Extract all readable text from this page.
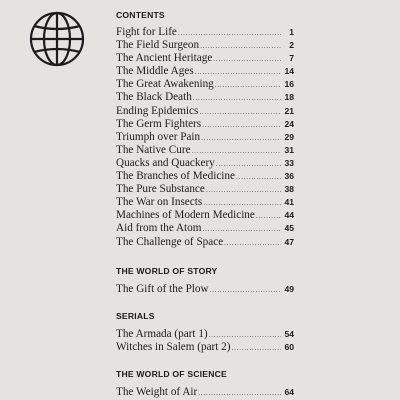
CONTENTS
Fight for Life .....	1
The Field Surgeon .....	2
The Ancient Heritage .....	7
The Middle Ages .....	14
The Great Awakening .....	16
The Black Death .....	18
Ending Epidemics .....	21
The Germ Fighters .....	24
Triumph over Pain .....	29
The Native Cure .....	31
Quacks and Quackery .....	33
The Branches of Medicine .....	36
The Pure Substance .....	38
The War on Insects .....	41
Machines of Modern Medicine .....	44
Aid from the Atom .....	45
The Challenge of Space .....	47
THE WORLD OF STORY
The Gift of the Plow .....	49
SERIALS
The Armada (part 1) .....	54
Witches in Salem (part 2) .....	60
THE WORLD OF SCIENCE
The Weight of Air .....	64
